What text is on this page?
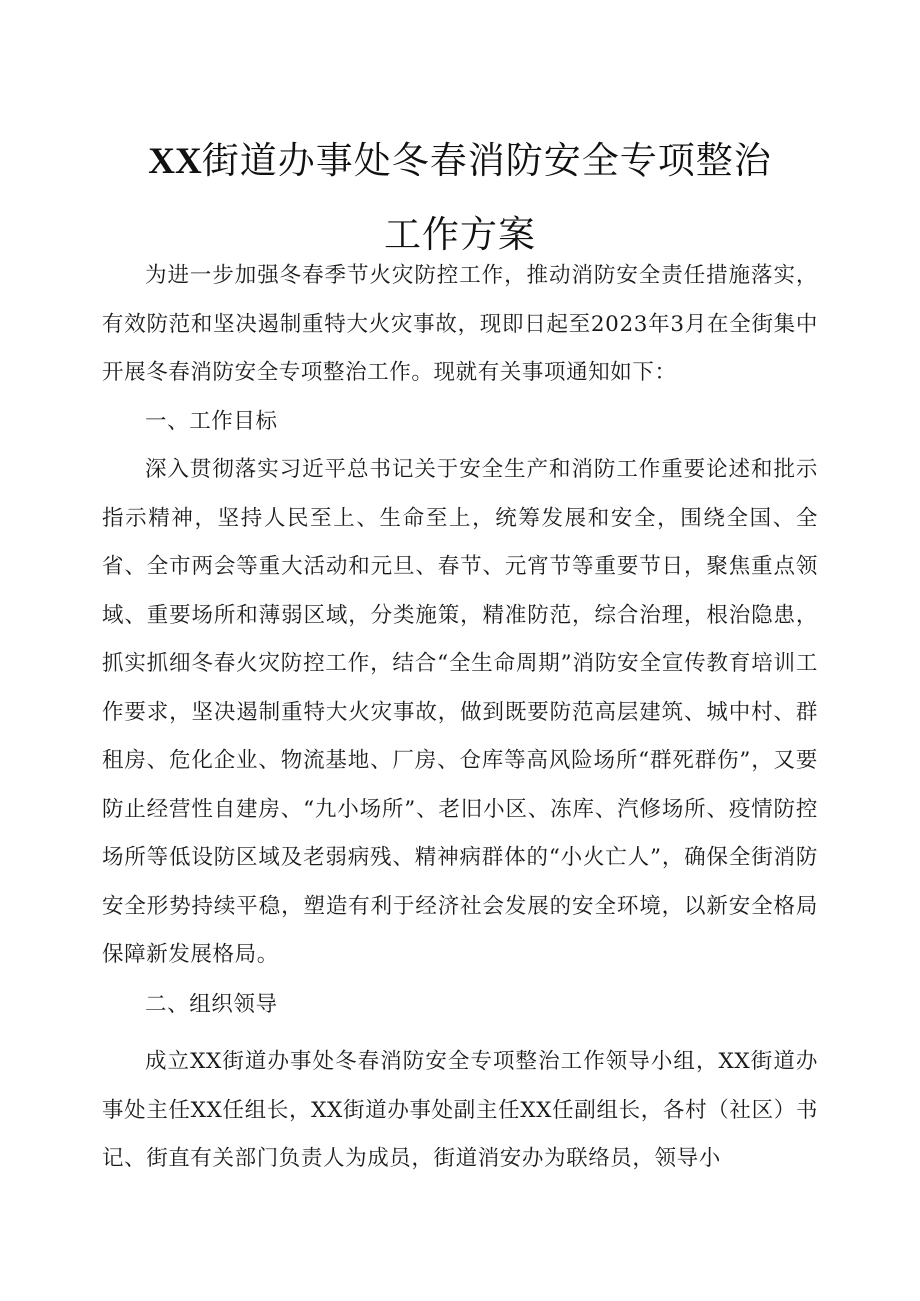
XX街道办事处冬春消防安全专项整治
工作方案

为进一步加强冬春季节火灾防控工作，推动消防安全责任措施落实，有效防范和坚决遏制重特大火灾事故，现即日起至2023年3月在全街集中开展冬春消防安全专项整治工作。现就有关事项通知如下：

一、工作目标

深入贯彻落实习近平总书记关于安全生产和消防工作重要论述和批示指示精神，坚持人民至上、生命至上，统筹发展和安全，围绕全国、全省、全市两会等重大活动和元旦、春节、元宵节等重要节日，聚焦重点领域、重要场所和薄弱区域，分类施策，精准防范，综合治理，根治隐患，抓实抓细冬春火灾防控工作，结合“全生命周期”消防安全宣传教育培训工作要求，坚决遏制重特大火灾事故，做到既要防范高层建筑、城中村、群租房、危化企业、物流基地、厂房、仓库等高风险场所“群死群伤”，又要防止经营性自建房、“九小场所”、老旧小区、冻库、汽修场所、疫情防控场所等低设防区域及老弱病残、精神病群体的“小火亡人”，确保全街消防安全形势持续平稳，塑造有利于经济社会发展的安全环境，以新安全格局保障新发展格局。

二、组织领导

成立XX街道办事处冬春消防安全专项整治工作领导小组，XX街道办事处主任XX任组长，XX街道办事处副主任XX任副组长，各村（社区）书记、街直有关部门负责人为成员，街道消安办为联络员，领导小
